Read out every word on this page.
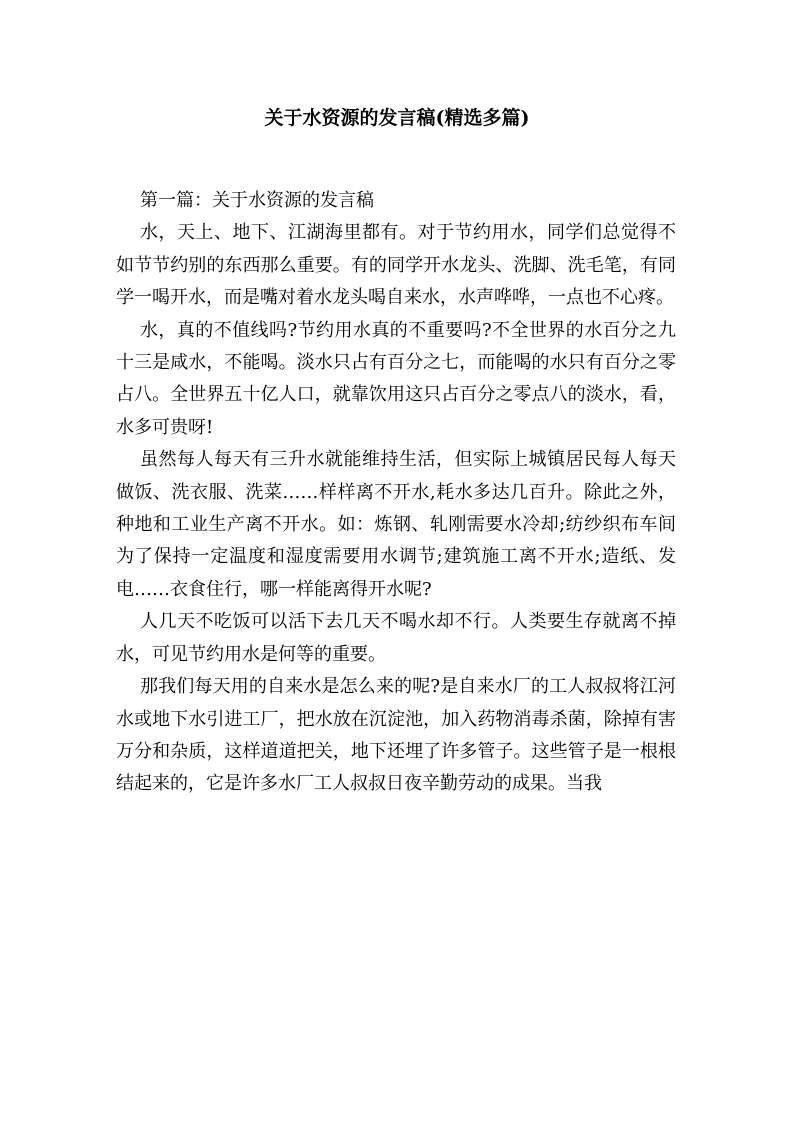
关于水资源的发言稿(精选多篇)

第一篇：关于水资源的发言稿

水，天上、地下、江湖海里都有。对于节约用水，同学们总觉得不如节节约别的东西那么重要。有的同学开水龙头、洗脚、洗毛笔，有同学一喝开水，而是嘴对着水龙头喝自来水，水声哗哗，一点也不心疼。

水，真的不值线吗?节约用水真的不重要吗?不全世界的水百分之九十三是咸水，不能喝。淡水只占有百分之七，而能喝的水只有百分之零占八。全世界五十亿人口，就靠饮用这只占百分之零点八的淡水，看，水多可贵呀!

虽然每人每天有三升水就能维持生活，但实际上城镇居民每人每天做饭、洗衣服、洗菜……样样离不开水,耗水多达几百升。除此之外，种地和工业生产离不开水。如：炼钢、轧刚需要水冷却;纺纱织布车间为了保持一定温度和湿度需要用水调节;建筑施工离不开水;造纸、发电……衣食住行，哪一样能离得开水呢?

人几天不吃饭可以活下去几天不喝水却不行。人类要生存就离不掉水，可见节约用水是何等的重要。

那我们每天用的自来水是怎么来的呢?是自来水厂的工人叔叔将江河水或地下水引进工厂，把水放在沉淀池，加入药物消毒杀菌，除掉有害万分和杂质，这样道道把关，地下还埋了许多管子。这些管子是一根根结起来的，它是许多水厂工人叔叔日夜辛勤劳动的成果。当我
